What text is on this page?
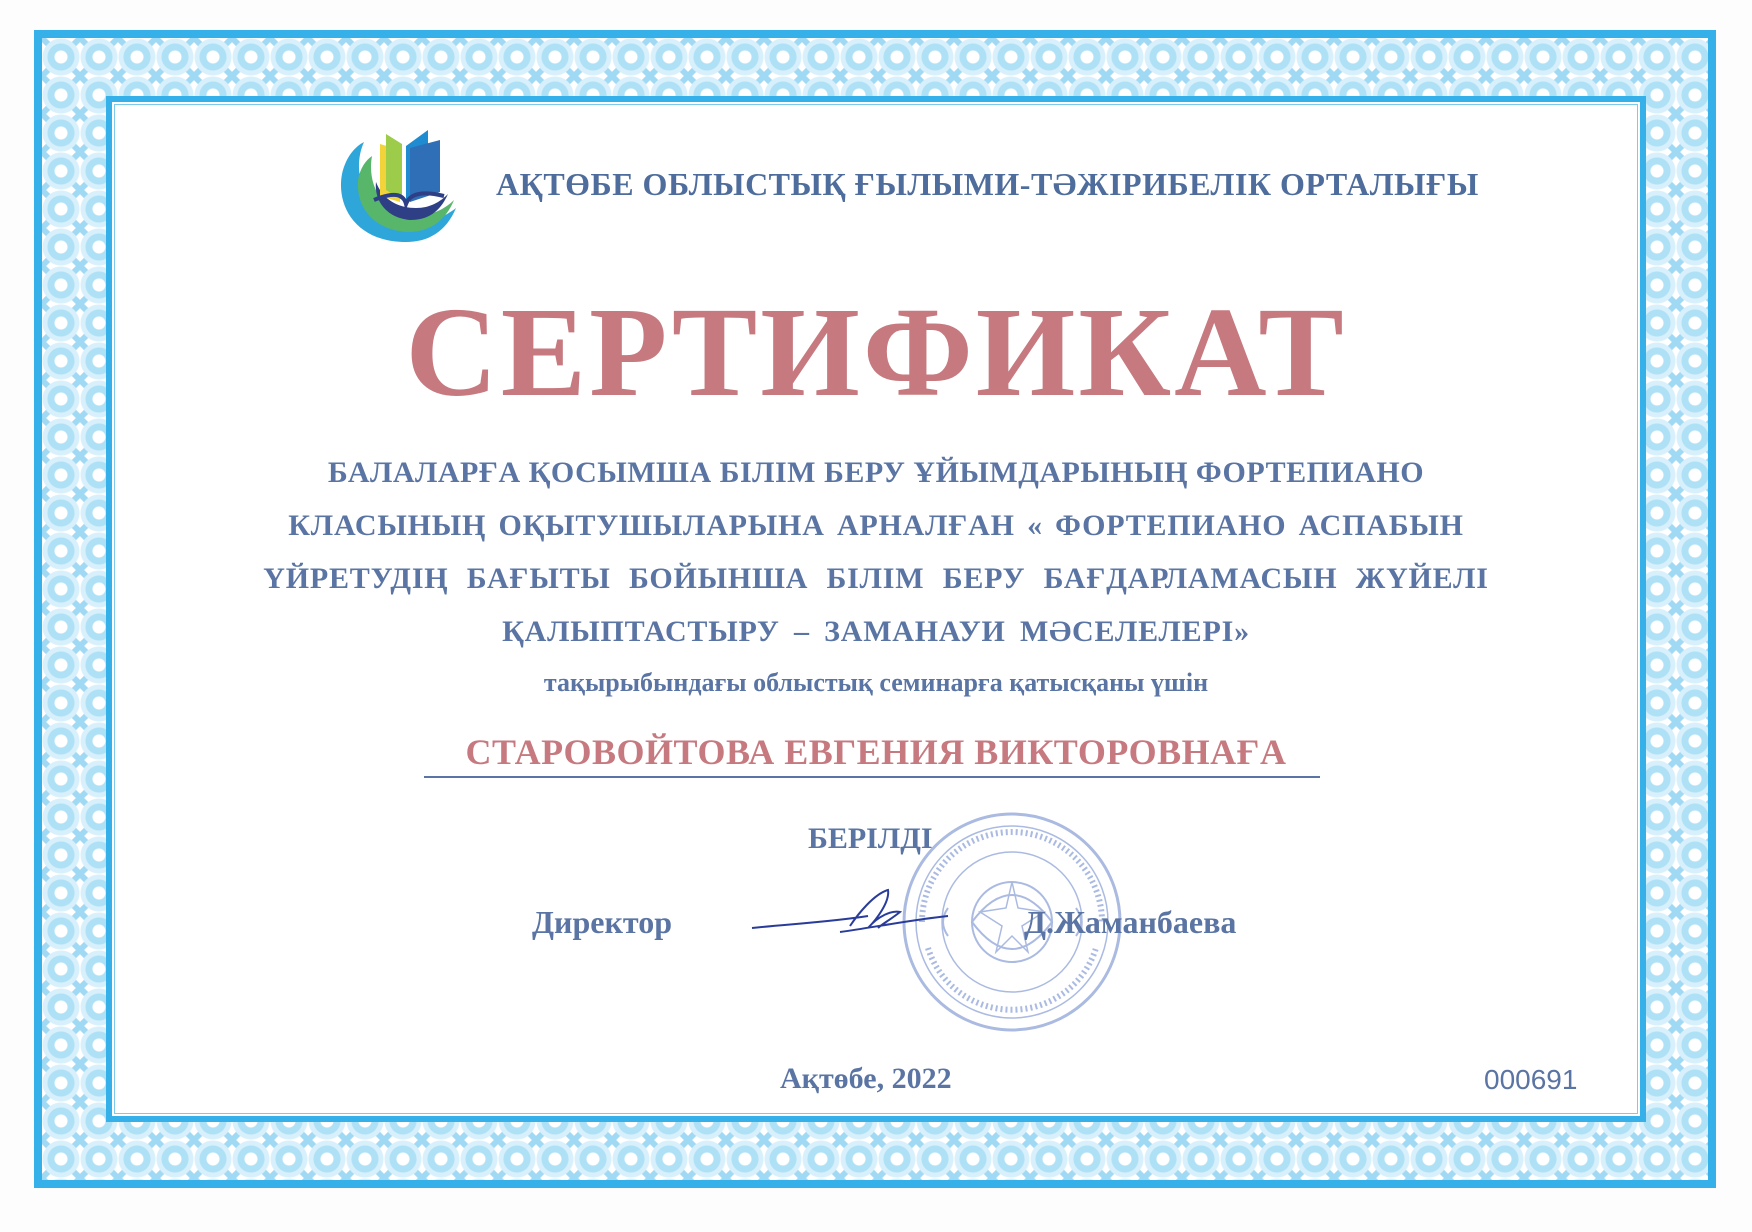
АҚТӨБЕ ОБЛЫСТЫҚ ҒЫЛЫМИ-ТӘЖІРИБЕЛІК ОРТАЛЫҒЫ
СЕРТИФИКАТ
БАЛАЛАРҒА ҚОСЫМША БІЛІМ БЕРУ ҰЙЫМДАРЫНЫҢ ФОРТЕПИАНО
КЛАСЫНЫҢ ОҚЫТУШЫЛАРЫНА АРНАЛҒАН « ФОРТЕПИАНО АСПАБЫН
ҮЙРЕТУДІҢ БАҒЫТЫ БОЙЫНША БІЛІМ БЕРУ БАҒДАРЛАМАСЫН ЖҮЙЕЛІ
ҚАЛЫПТАСТЫРУ – ЗАМАНАУИ МӘСЕЛЕЛЕРІ»
тақырыбындағы облыстық семинарға қатысқаны үшін
СТАРОВОЙТОВА ЕВГЕНИЯ ВИКТОРОВНАҒА
БЕРІЛДІ
Директор	Д.Жаманбаева
Ақтөбе, 2022	000691
